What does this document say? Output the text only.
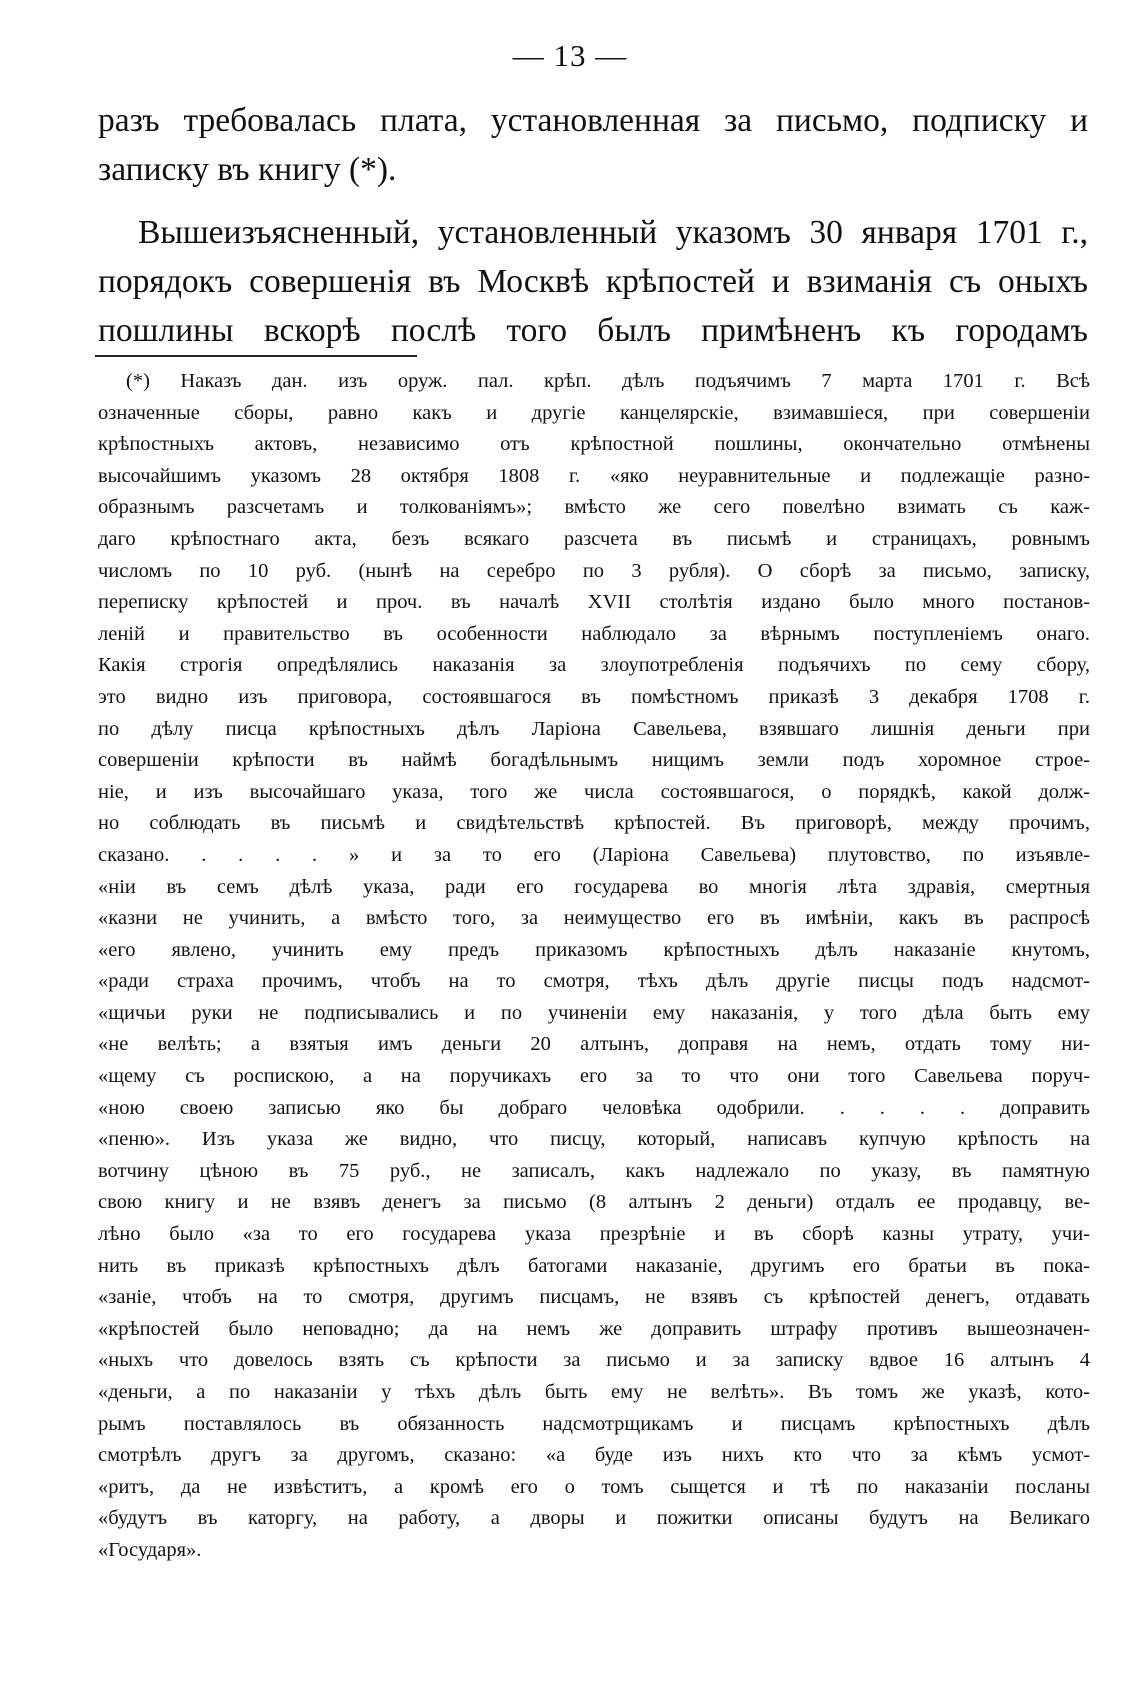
— 13 —
разъ требовалась плата, установленная за письмо, подписку и
записку въ книгу (*).
Вышеизъясненный, установленный указомъ 30 января 1701 г.,
порядокъ совершенія въ Москвѣ крѣпостей и взиманія съ оныхъ
пошлины вскорѣ послѣ того былъ примѣненъ къ городамъ
(*) Наказъ дан. изъ оруж. пал. крѣп. дѣлъ подъячимъ 7 марта 1701 г. Всѣ
означенные сборы, равно какъ и другіе канцелярскіе, взимавшіеся, при совершеніи
крѣпостныхъ актовъ, независимо отъ крѣпостной пошлины, окончательно отмѣнены
высочайшимъ указомъ 28 октября 1808 г. «яко неуравнительные и подлежащіе разно-
образнымъ разсчетамъ и толкованіямъ»; вмѣсто же сего повелѣно взимать съ каж-
даго крѣпостнаго акта, безъ всякаго разсчета въ письмѣ и страницахъ, ровнымъ
числомъ по 10 руб. (нынѣ на серебро по 3 рубля). О сборѣ за письмо, записку,
переписку крѣпостей и проч. въ началѣ XVII столѣтія издано было много постанов-
леній и правительство въ особенности наблюдало за вѣрнымъ поступленіемъ онаго.
Какія строгія опредѣлялись наказанія за злоупотребленія подъячихъ по сему сбору,
это видно изъ приговора, состоявшагося въ помѣстномъ приказѣ 3 декабря 1708 г.
по дѣлу писца крѣпостныхъ дѣлъ Ларіона Савельева, взявшаго лишнія деньги при
совершеніи крѣпости въ наймѣ богадѣльнымъ нищимъ земли подъ хоромное строе-
ніе, и изъ высочайшаго указа, того же числа состоявшагося, о порядкѣ, какой долж-
но соблюдать въ письмѣ и свидѣтельствѣ крѣпостей. Въ приговорѣ, между прочимъ,
сказано. . . . . » и за то его (Ларіона Савельева) плутовство, по изъявле-
«ніи въ семъ дѣлѣ указа, ради его государева во многія лѣта здравія, смертныя
«казни не учинить, а вмѣсто того, за неимущество его въ имѣніи, какъ въ распросѣ
«его явлено, учинить ему предъ приказомъ крѣпостныхъ дѣлъ наказаніе кнутомъ,
«ради страха прочимъ, чтобъ на то смотря, тѣхъ дѣлъ другіе писцы подъ надсмот-
«щичьи руки не подписывались и по учиненіи ему наказанія, у того дѣла быть ему
«не велѣть; а взятыя имъ деньги 20 алтынъ, доправя на немъ, отдать тому ни-
«щему съ роспискою, а на поручикахъ его за то что они того Савельева поруч-
«ною своею записью яко бы добраго человѣка одобрили. . . . . доправить
«пеню». Изъ указа же видно, что писцу, который, написавъ купчую крѣпость на
вотчину цѣною въ 75 руб., не записалъ, какъ надлежало по указу, въ памятную
свою книгу и не взявъ денегъ за письмо (8 алтынъ 2 деньги) отдалъ ее продавцу, ве-
лѣно было «за то его государева указа презрѣніе и въ сборѣ казны утрату, учи-
нить въ приказѣ крѣпостныхъ дѣлъ батогами наказаніе, другимъ его братьи въ пока-
«заніе, чтобъ на то смотря, другимъ писцамъ, не взявъ съ крѣпостей денегъ, отдавать
«крѣпостей было неповадно; да на немъ же доправить штрафу противъ вышеозначен-
«ныхъ что довелось взять съ крѣпости за письмо и за записку вдвое 16 алтынъ 4
«деньги, а по наказаніи у тѣхъ дѣлъ быть ему не велѣть». Въ томъ же указѣ, кото-
рымъ поставлялось въ обязанность надсмотрщикамъ и писцамъ крѣпостныхъ дѣлъ
смотрѣлъ другъ за другомъ, сказано: «а буде изъ нихъ кто что за кѣмъ усмот-
«ритъ, да не извѣститъ, а кромѣ его о томъ сыщется и тѣ по наказаніи посланы
«будутъ въ каторгу, на работу, а дворы и пожитки описаны будутъ на Великаго
«Государя».
